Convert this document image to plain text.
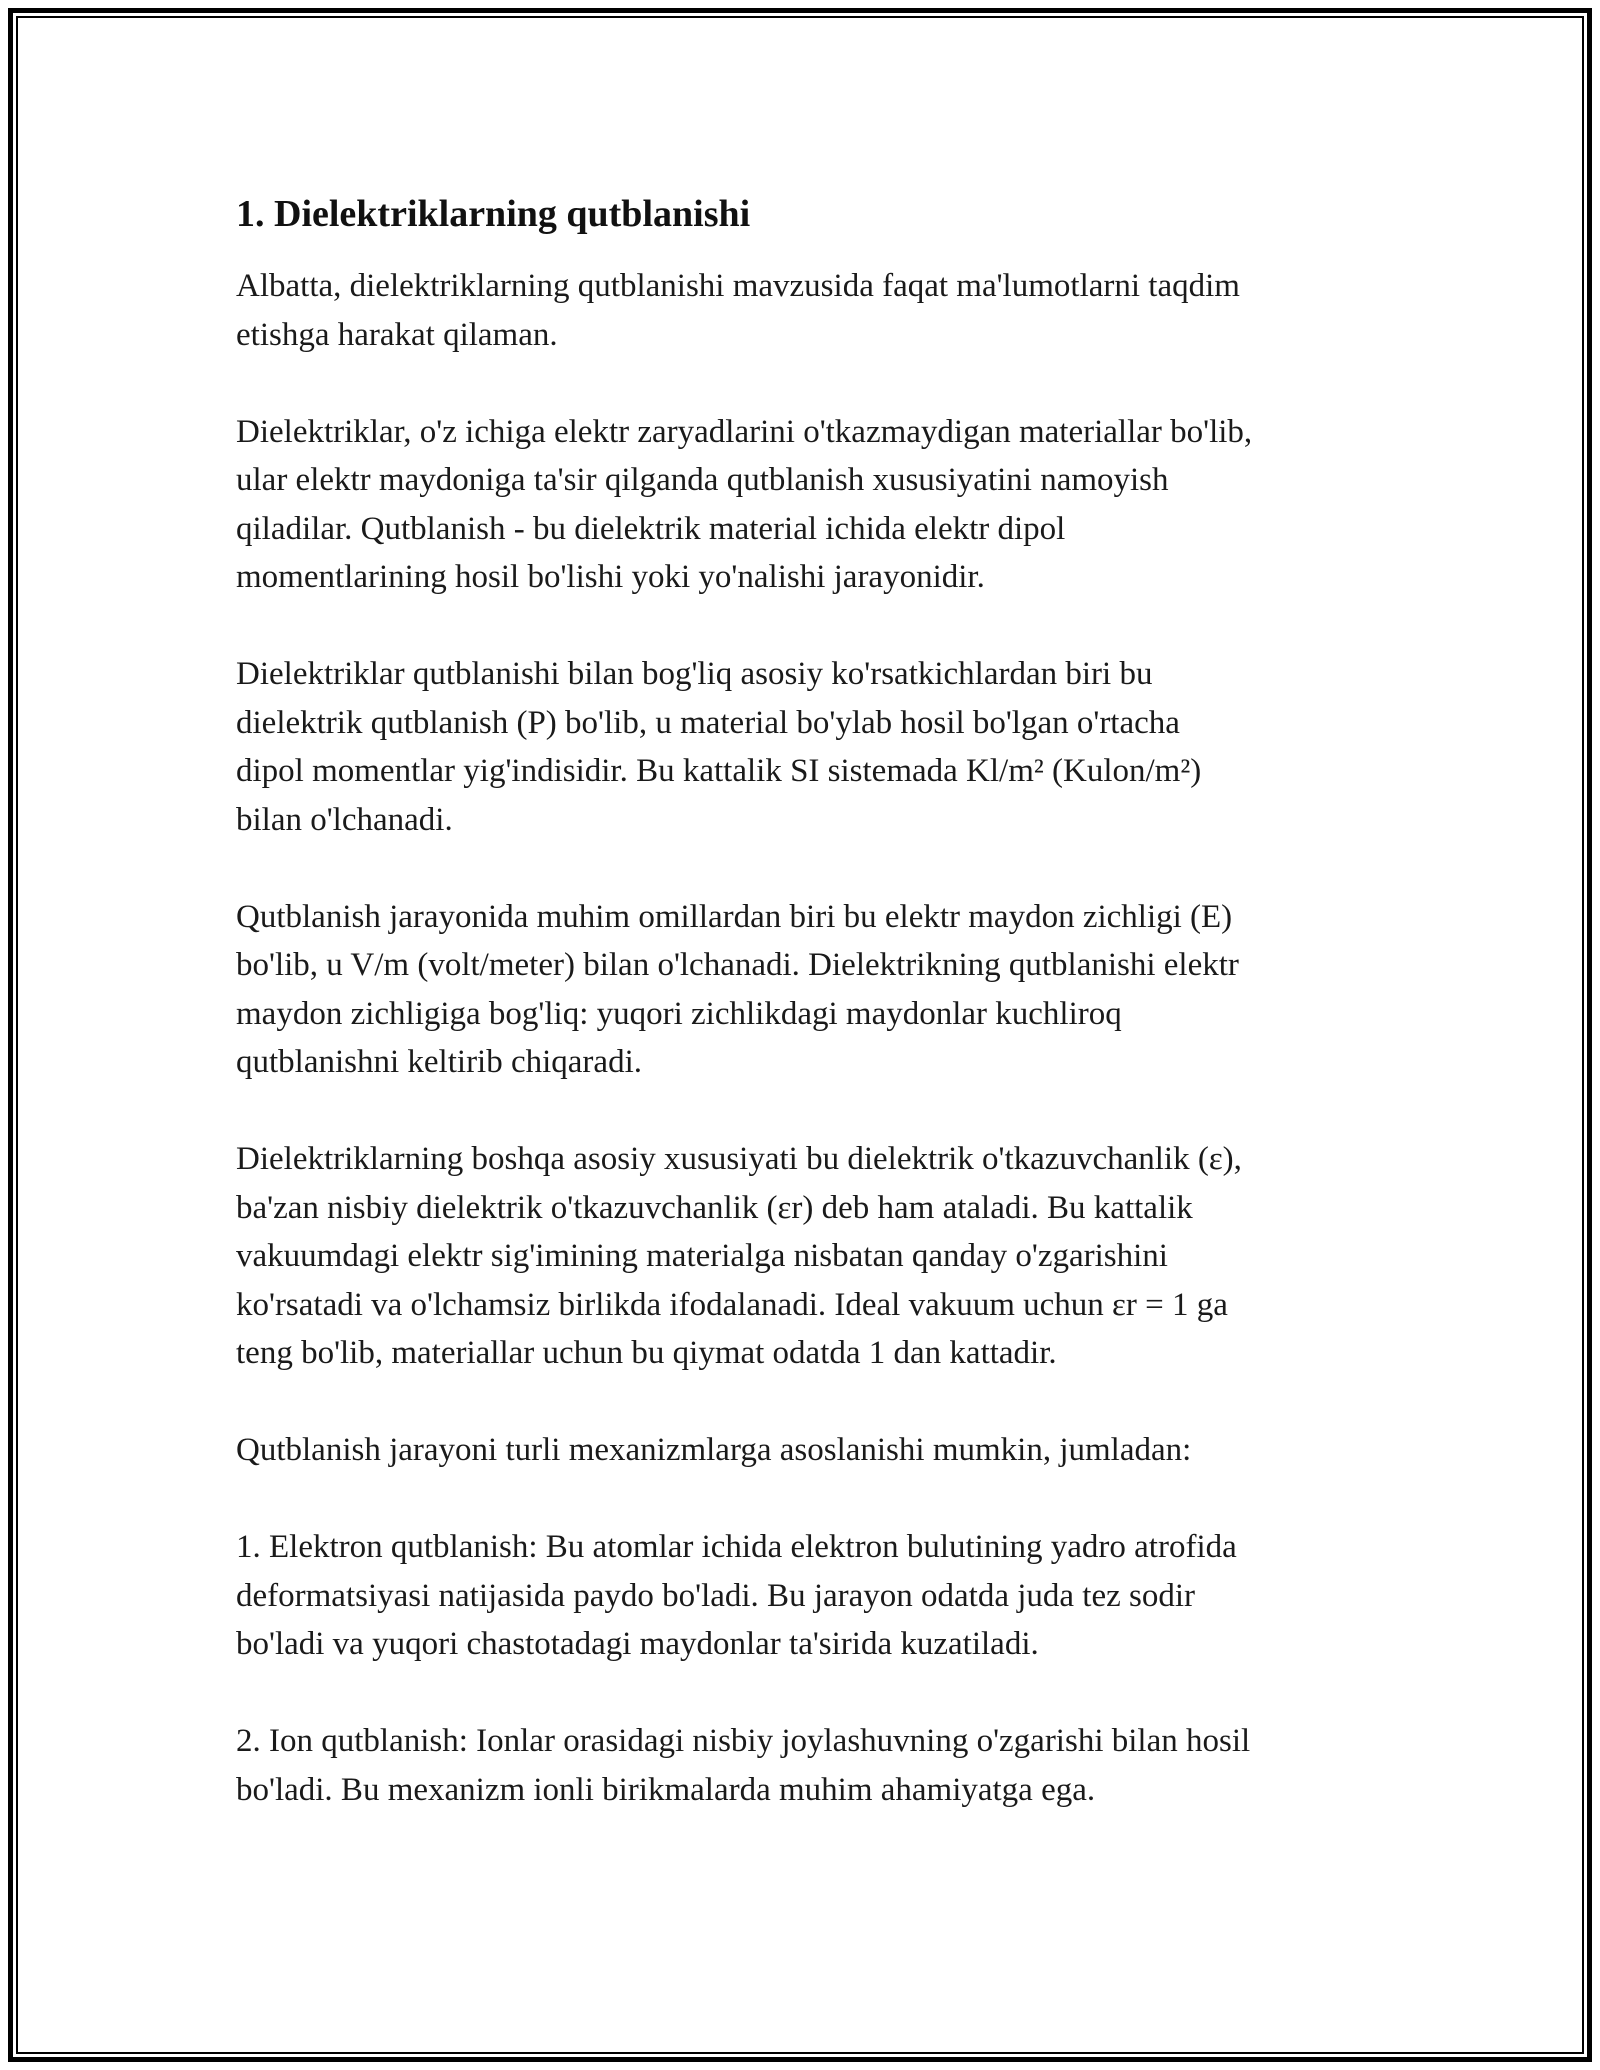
1. Dielektriklarning qutblanishi

Albatta, dielektriklarning qutblanishi mavzusida faqat ma'lumotlarni taqdim
etishga harakat qilaman.

Dielektriklar, o'z ichiga elektr zaryadlarini o'tkazmaydigan materiallar bo'lib,
ular elektr maydoniga ta'sir qilganda qutblanish xususiyatini namoyish
qiladilar. Qutblanish - bu dielektrik material ichida elektr dipol
momentlarining hosil bo'lishi yoki yo'nalishi jarayonidir.

Dielektriklar qutblanishi bilan bog'liq asosiy ko'rsatkichlardan biri bu
dielektrik qutblanish (P) bo'lib, u material bo'ylab hosil bo'lgan o'rtacha
dipol momentlar yig'indisidir. Bu kattalik SI sistemada Kl/m² (Kulon/m²)
bilan o'lchanadi.

Qutblanish jarayonida muhim omillardan biri bu elektr maydon zichligi (E)
bo'lib, u V/m (volt/meter) bilan o'lchanadi. Dielektrikning qutblanishi elektr
maydon zichligiga bog'liq: yuqori zichlikdagi maydonlar kuchliroq
qutblanishni keltirib chiqaradi.

Dielektriklarning boshqa asosiy xususiyati bu dielektrik o'tkazuvchanlik (ε),
ba'zan nisbiy dielektrik o'tkazuvchanlik (εr) deb ham ataladi. Bu kattalik
vakuumdagi elektr sig'imining materialga nisbatan qanday o'zgarishini
ko'rsatadi va o'lchamsiz birlikda ifodalanadi. Ideal vakuum uchun εr = 1 ga
teng bo'lib, materiallar uchun bu qiymat odatda 1 dan kattadir.

Qutblanish jarayoni turli mexanizmlarga asoslanishi mumkin, jumladan:

1. Elektron qutblanish: Bu atomlar ichida elektron bulutining yadro atrofida
deformatsiyasi natijasida paydo bo'ladi. Bu jarayon odatda juda tez sodir
bo'ladi va yuqori chastotadagi maydonlar ta'sirida kuzatiladi.

2. Ion qutblanish: Ionlar orasidagi nisbiy joylashuvning o'zgarishi bilan hosil
bo'ladi. Bu mexanizm ionli birikmalarda muhim ahamiyatga ega.
